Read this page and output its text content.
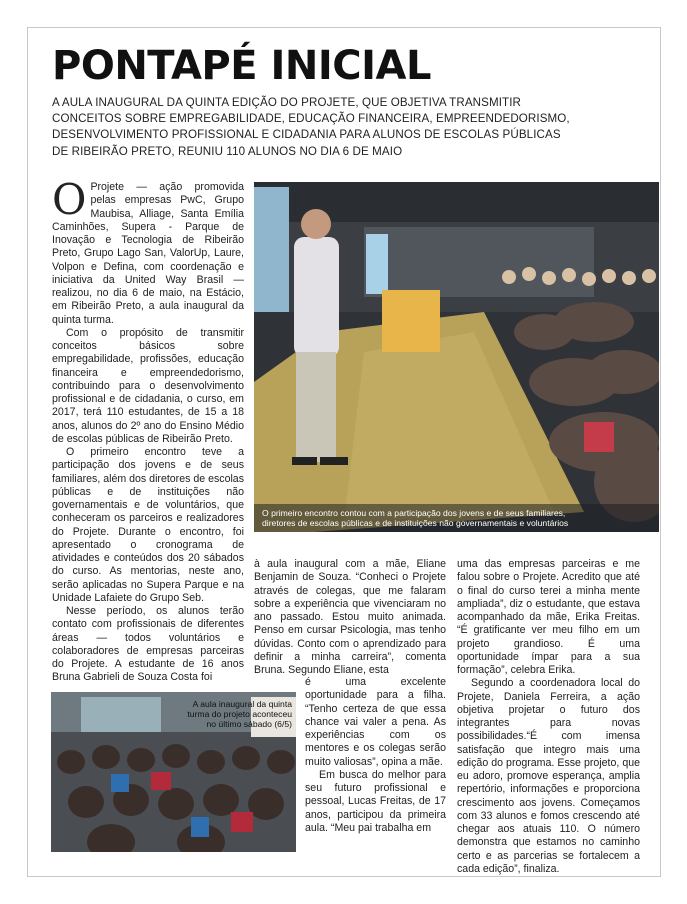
PONTAPÉ INICIAL

A AULA INAUGURAL DA QUINTA EDIÇÃO DO PROJETE, QUE OBJETIVA TRANSMITIR CONCEITOS SOBRE EMPREGABILIDADE, EDUCAÇÃO FINANCEIRA, EMPREENDEDORISMO, DESENVOLVIMENTO PROFISSIONAL E CIDADANIA PARA ALUNOS DE ESCOLAS PÚBLICAS DE RIBEIRÃO PRETO, REUNIU 110 ALUNOS NO DIA 6 DE MAIO

O Projete — ação promovida pelas empresas PwC, Grupo Maubisa, Alliage, Santa Emília Caminhões, Supera - Parque de Inovação e Tecnologia de Ribeirão Preto, Grupo Lago San, ValorUp, Laure, Volpon e Defina, com coordenação e iniciativa da United Way Brasil — realizou, no dia 6 de maio, na Estácio, em Ribeirão Preto, a aula inaugural da quinta turma.

Com o propósito de transmitir conceitos básicos sobre empregabilidade, profissões, educação financeira e empreendedorismo, contribuindo para o desenvolvimento profissional e de cidadania, o curso, em 2017, terá 110 estudantes, de 15 a 18 anos, alunos do 2º ano do Ensino Médio de escolas públicas de Ribeirão Preto.

O primeiro encontro teve a participação dos jovens e de seus familiares, além dos diretores de escolas públicas e de instituições não governamentais e de voluntários, que conheceram os parceiros e realizadores do Projete. Durante o encontro, foi apresentado o cronograma de atividades e conteúdos dos 20 sábados do curso. As mentorias, neste ano, serão aplicadas no Supera Parque e na Unidade Lafaiete do Grupo Seb.

Nesse período, os alunos terão contato com profissionais de diferentes áreas — todos voluntários e colaboradores de empresas parceiras do Projete. A estudante de 16 anos Bruna Gabrieli de Souza Costa foi

O primeiro encontro contou com a participação dos jovens e de seus familiares, diretores de escolas públicas e de instituições não governamentais e voluntários

à aula inaugural com a mãe, Eliane Benjamin de Souza. “Conheci o Projete através de colegas, que me falaram sobre a experiência que vivenciaram no ano passado. Estou muito animada. Penso em cursar Psicologia, mas tenho dúvidas. Conto com o aprendizado para definir a minha carreira”, comenta Bruna. Segundo Eliane, esta

A aula inaugural da quinta turma do projeto aconteceu no último sábado (6/5)

é uma excelente oportunidade para a filha. “Tenho certeza de que essa chance vai valer a pena. As experiências com os mentores e os colegas serão muito valiosas”, opina a mãe.

Em busca do melhor para seu futuro profissional e pessoal, Lucas Freitas, de 17 anos, participou da primeira aula. “Meu pai trabalha em

uma das empresas parceiras e me falou sobre o Projete. Acredito que até o final do curso terei a minha mente ampliada”, diz o estudante, que estava acompanhado da mãe, Erika Freitas. “É gratificante ver meu filho em um projeto grandioso. É uma oportunidade ímpar para a sua formação”, celebra Erika.

Segundo a coordenadora local do Projete, Daniela Ferreira, a ação objetiva projetar o futuro dos integrantes para novas possibilidades.“É com imensa satisfação que integro mais uma edição do programa. Esse projeto, que eu adoro, promove esperança, amplia repertório, informações e proporciona crescimento aos jovens. Começamos com 33 alunos e fomos crescendo até chegar aos atuais 110. O número demonstra que estamos no caminho certo e as parcerias se fortalecem a cada edição”, finaliza.
